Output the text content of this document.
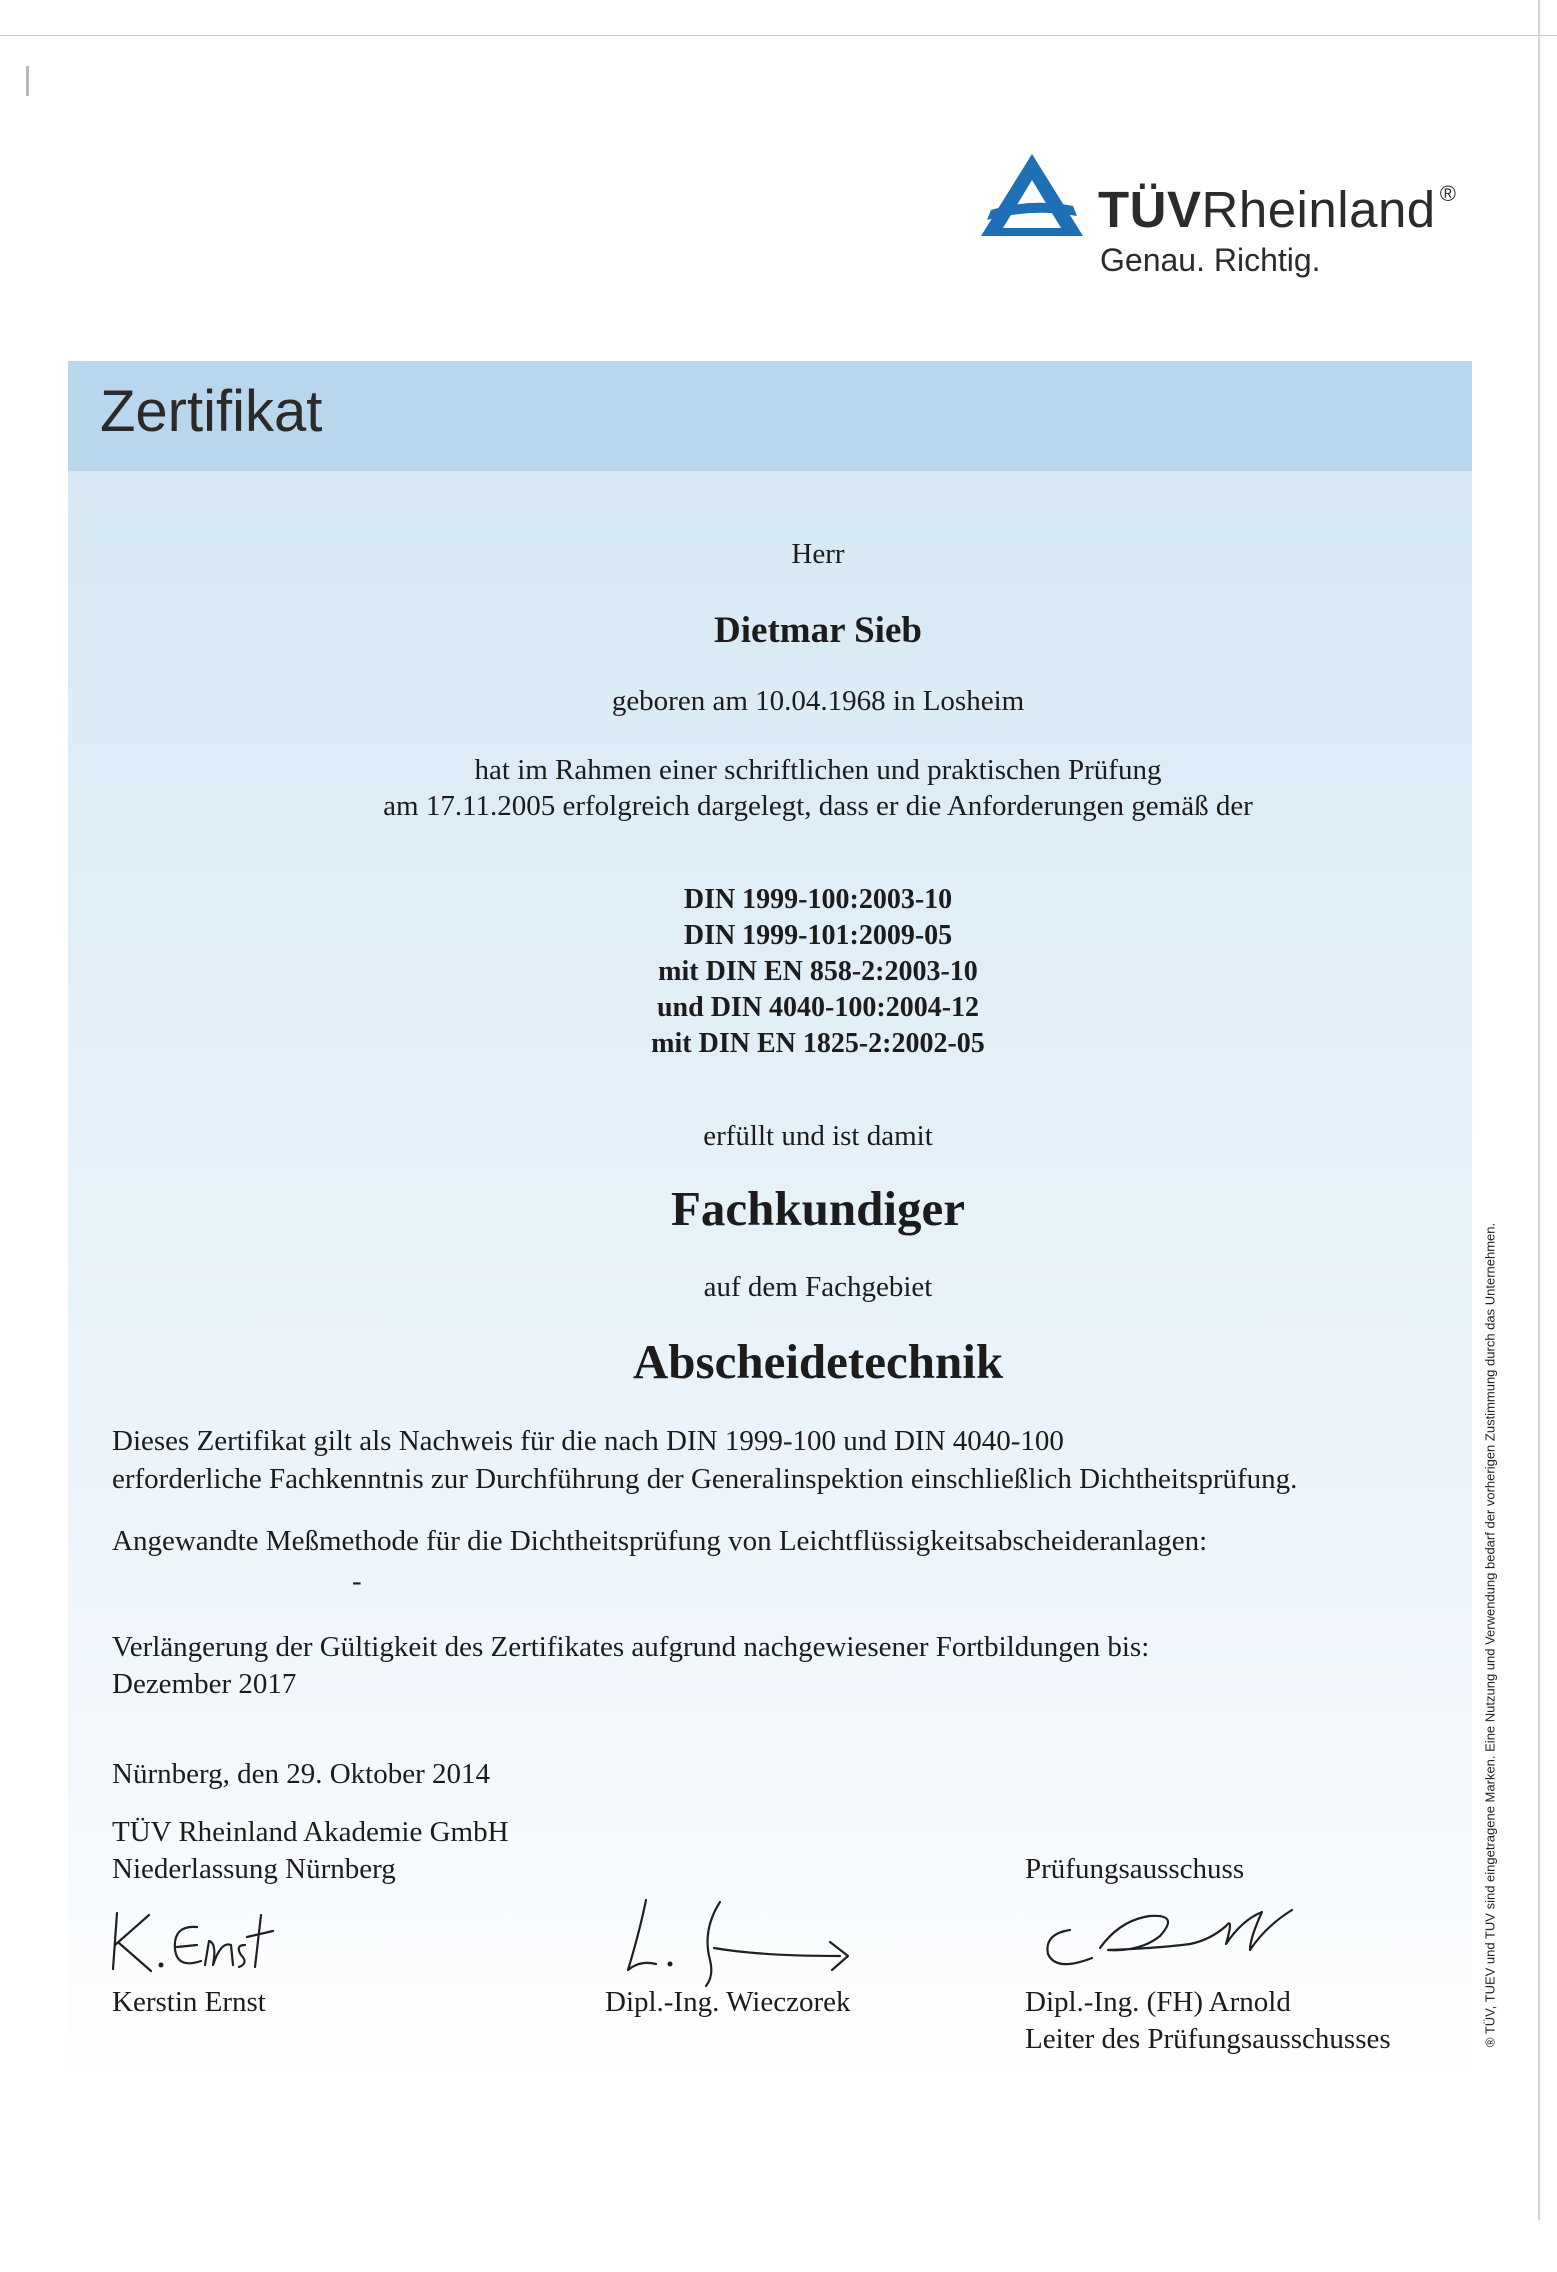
TÜVRheinland ®
Genau. Richtig.
Zertifikat
Herr
Dietmar Sieb
geboren am 10.04.1968 in Losheim
hat im Rahmen einer schriftlichen und praktischen Prüfung
am 17.11.2005 erfolgreich dargelegt, dass er die Anforderungen gemäß der
DIN 1999-100:2003-10
DIN 1999-101:2009-05
mit DIN EN 858-2:2003-10
und DIN 4040-100:2004-12
mit DIN EN 1825-2:2002-05
erfüllt und ist damit
Fachkundiger
auf dem Fachgebiet
Abscheidetechnik
Dieses Zertifikat gilt als Nachweis für die nach DIN 1999-100 und DIN 4040-100
erforderliche Fachkenntnis zur Durchführung der Generalinspektion einschließlich Dichtheitsprüfung.
Angewandte Meßmethode für die Dichtheitsprüfung von Leichtflüssigkeitsabscheideranlagen:
-
Verlängerung der Gültigkeit des Zertifikates aufgrund nachgewiesener Fortbildungen bis:
Dezember 2017
Nürnberg, den 29. Oktober 2014
TÜV Rheinland Akademie GmbH
Niederlassung Nürnberg	Prüfungsausschuss
Kerstin Ernst	Dipl.-Ing. Wieczorek	Dipl.-Ing. (FH) Arnold
Leiter des Prüfungsausschusses	® TÜV, TUEV und TUV sind eingetragene Marken. Eine Nutzung und Verwendung bedarf der vorherigen Zustimmung durch das Unternehmen.
